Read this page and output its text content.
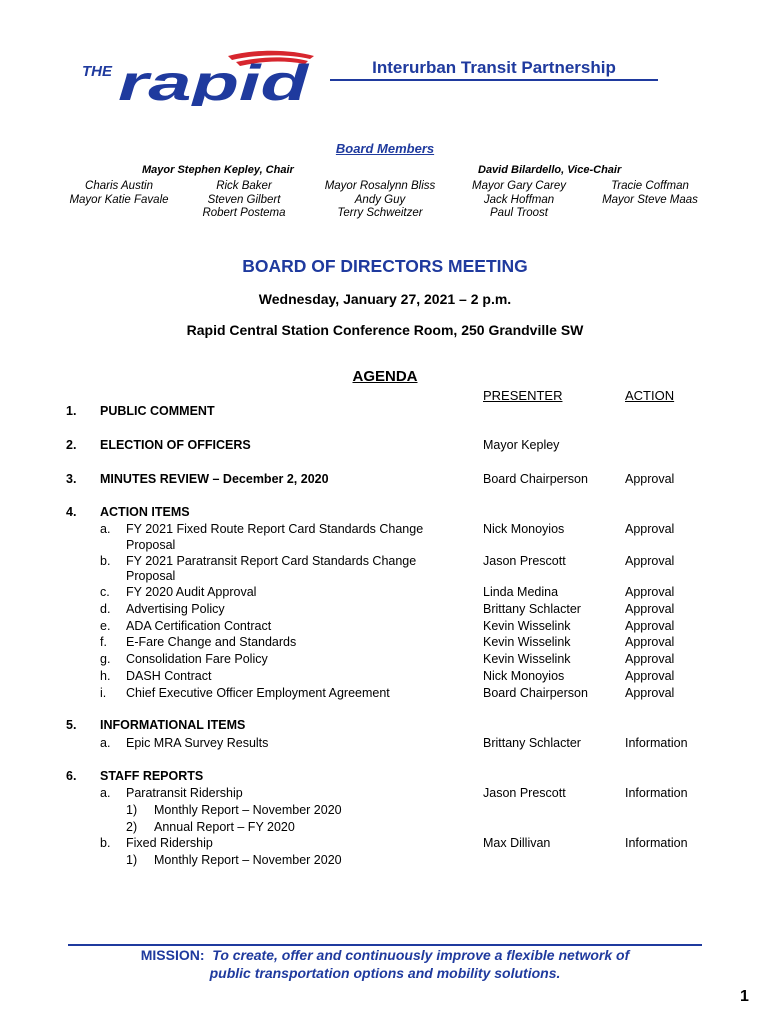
THE rapid	Interurban Transit Partnership
Board Members
Mayor Stephen Kepley, Chair	David Bilardello, Vice-Chair
Charis Austin
Mayor Katie Favale
Rick Baker
Steven Gilbert
Robert Postema
Mayor Rosalynn Bliss
Andy Guy
Terry Schweitzer
Mayor Gary Carey
Jack Hoffman
Paul Troost
Tracie Coffman
Mayor Steve Maas
BOARD OF DIRECTORS MEETING
Wednesday, January 27, 2021 – 2 p.m.
Rapid Central Station Conference Room, 250 Grandville SW
AGENDA
PRESENTER	ACTION
1. PUBLIC COMMENT
2. ELECTION OF OFFICERS	Mayor Kepley
3. MINUTES REVIEW – December 2, 2020	Board Chairperson	Approval
4. ACTION ITEMS
a. FY 2021 Fixed Route Report Card Standards Change
Proposal
Nick Monoyios	Approval
b. FY 2021 Paratransit Report Card Standards Change
Proposal
Jason Prescott	Approval
c. FY 2020 Audit Approval	Linda Medina	Approval
d. Advertising Policy	Brittany Schlacter	Approval
e. ADA Certification Contract	Kevin Wisselink	Approval
f. E-Fare Change and Standards	Kevin Wisselink	Approval
g. Consolidation Fare Policy	Kevin Wisselink	Approval
h. DASH Contract	Nick Monoyios	Approval
i. Chief Executive Officer Employment Agreement	Board Chairperson	Approval
5. INFORMATIONAL ITEMS
a. Epic MRA Survey Results	Brittany Schlacter	Information
6. STAFF REPORTS
a. Paratransit Ridership	Jason Prescott	Information
1) Monthly Report – November 2020
2) Annual Report – FY 2020
b. Fixed Ridership	Max Dillivan	Information
1) Monthly Report – November 2020
MISSION: To create, offer and continuously improve a flexible network of
public transportation options and mobility solutions.
1
